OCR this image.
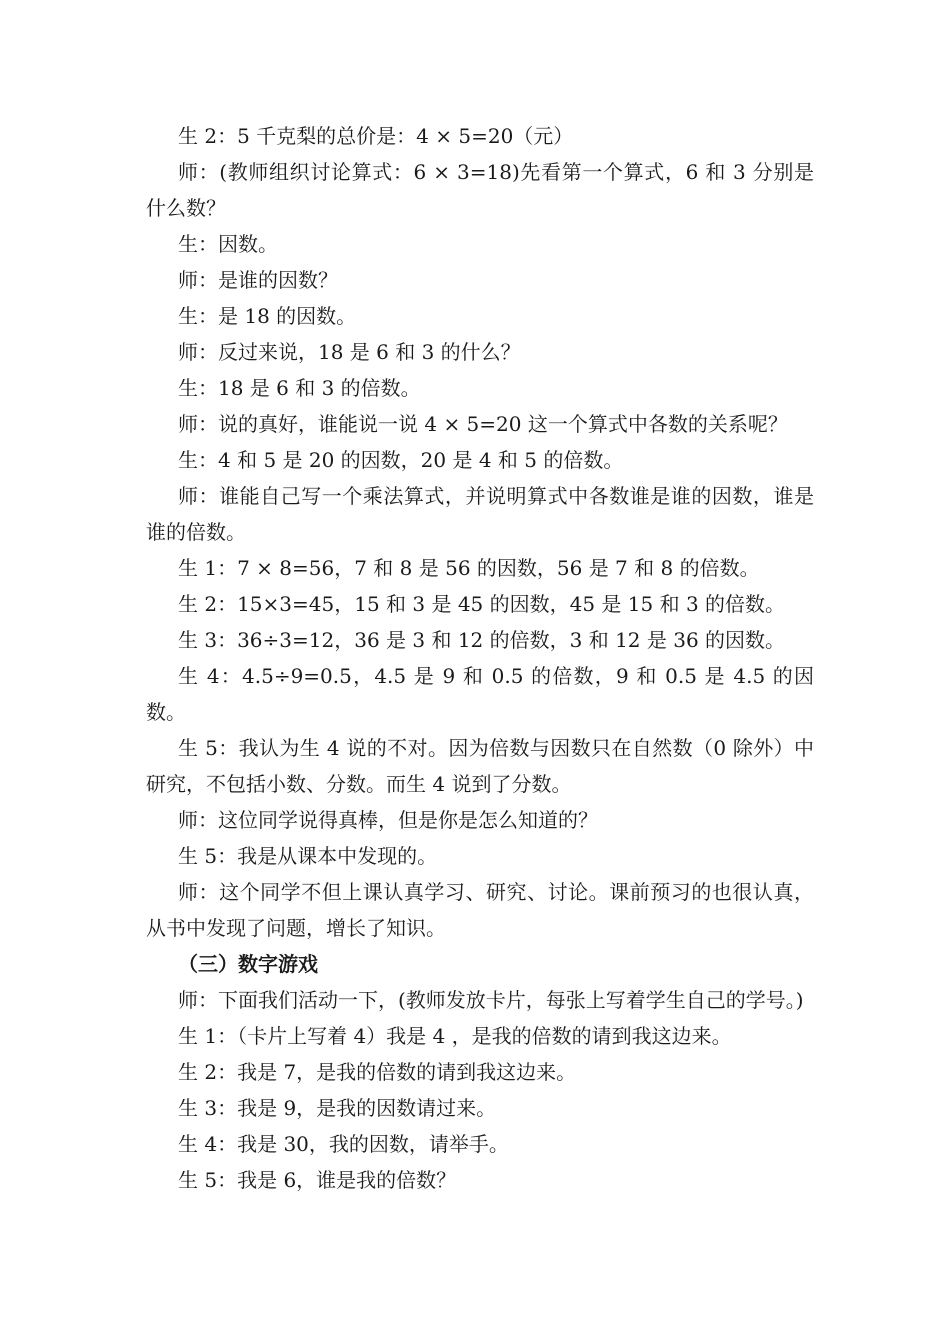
生 2：5 千克梨的总价是：4 × 5=20（元）

师：(教师组织讨论算式：6 × 3=18)先看第一个算式，6 和 3 分别是什么数？

生：因数。

师：是谁的因数？

生：是 18 的因数。

师：反过来说，18 是 6 和 3 的什么？

生：18 是 6 和 3 的倍数。

师：说的真好，谁能说一说 4 × 5=20 这一个算式中各数的关系呢？

生：4 和 5 是 20 的因数，20 是 4 和 5 的倍数。

师：谁能自己写一个乘法算式，并说明算式中各数谁是谁的因数，谁是谁的倍数。

生 1：7 × 8=56，7 和 8 是 56 的因数，56 是 7 和 8 的倍数。

生 2：15×3=45，15 和 3 是 45 的因数，45 是 15 和 3 的倍数。

生 3：36÷3=12，36 是 3 和 12 的倍数，3 和 12 是 36 的因数。

生 4：4.5÷9=0.5，4.5 是 9 和 0.5 的倍数，9 和 0.5 是 4.5 的因数。

生 5：我认为生 4 说的不对。因为倍数与因数只在自然数（0 除外）中研究，不包括小数、分数。而生 4 说到了分数。

师：这位同学说得真棒，但是你是怎么知道的？

生 5：我是从课本中发现的。

师：这个同学不但上课认真学习、研究、讨论。课前预习的也很认真，从书中发现了问题，增长了知识。

（三）数字游戏

师：下面我们活动一下，(教师发放卡片，每张上写着学生自己的学号。)

生 1：（卡片上写着 4）我是 4 ，是我的倍数的请到我这边来。

生 2：我是 7，是我的倍数的请到我这边来。

生 3：我是 9，是我的因数请过来。

生 4：我是 30，我的因数，请举手。

生 5：我是 6，谁是我的倍数？
